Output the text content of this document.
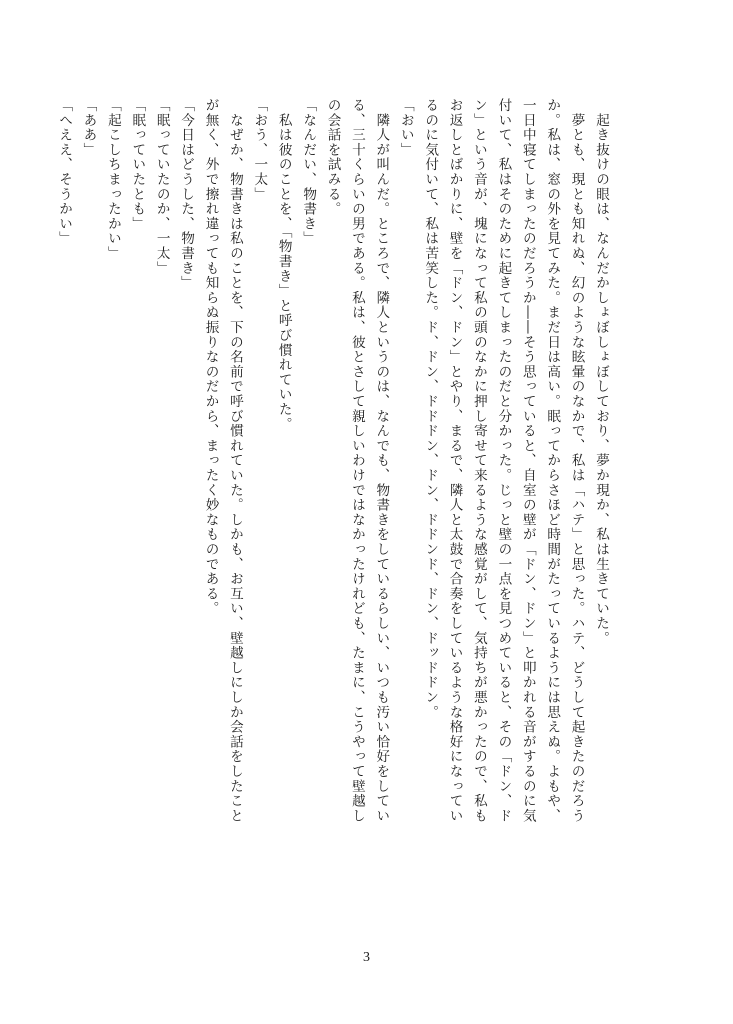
　起き抜けの眼は、なんだかしょぼしょぼしており、夢か現か、私は生きていた。
　夢とも、現とも知れぬ、幻のような眩暈のなかで、私は「ハテ」と思った。ハテ、どうして起きたのだろう
か。私は、窓の外を見てみた。まだ日は高い。眠ってからさほど時間がたっているようには思えぬ。よもや、
一日中寝てしまったのだろうか――そう思っていると、自室の壁が「ドン、ドン」と叩かれる音がするのに気
付いて、私はそのために起きてしまったのだと分かった。じっと壁の一点を見つめていると、その「ドン、ド
ン」という音が、塊になって私の頭のなかに押し寄せて来るような感覚がして、気持ちが悪かったので、私も
お返しとばかりに、壁を「ドン、ドン」とやり、まるで、隣人と太鼓で合奏をしているような格好になってい
るのに気付いて、私は苦笑した。ド、ドン、ドドドン、ドン、ドドンド、ドン、ドッドドン。
「おい」
　隣人が叫んだ。ところで、隣人というのは、なんでも、物書きをしているらしい、いつも汚い恰好をしてい
る、三十くらいの男である。私は、彼とさして親しいわけではなかったけれども、たまに、こうやって壁越し
の会話を試みる。
「なんだい、物書き」
　私は彼のことを、「物書き」と呼び慣れていた。
「おう、一太」
　なぜか、物書きは私のことを、下の名前で呼び慣れていた。しかも、お互い、壁越しにしか会話をしたこと
が無く、外で擦れ違っても知らぬ振りなのだから、まったく妙なものである。
「今日はどうした、物書き」
「眠っていたのか、一太」
「眠っていたとも」
「起こしちまったかい」
「ああ」
「へええ、そうかい」
3
